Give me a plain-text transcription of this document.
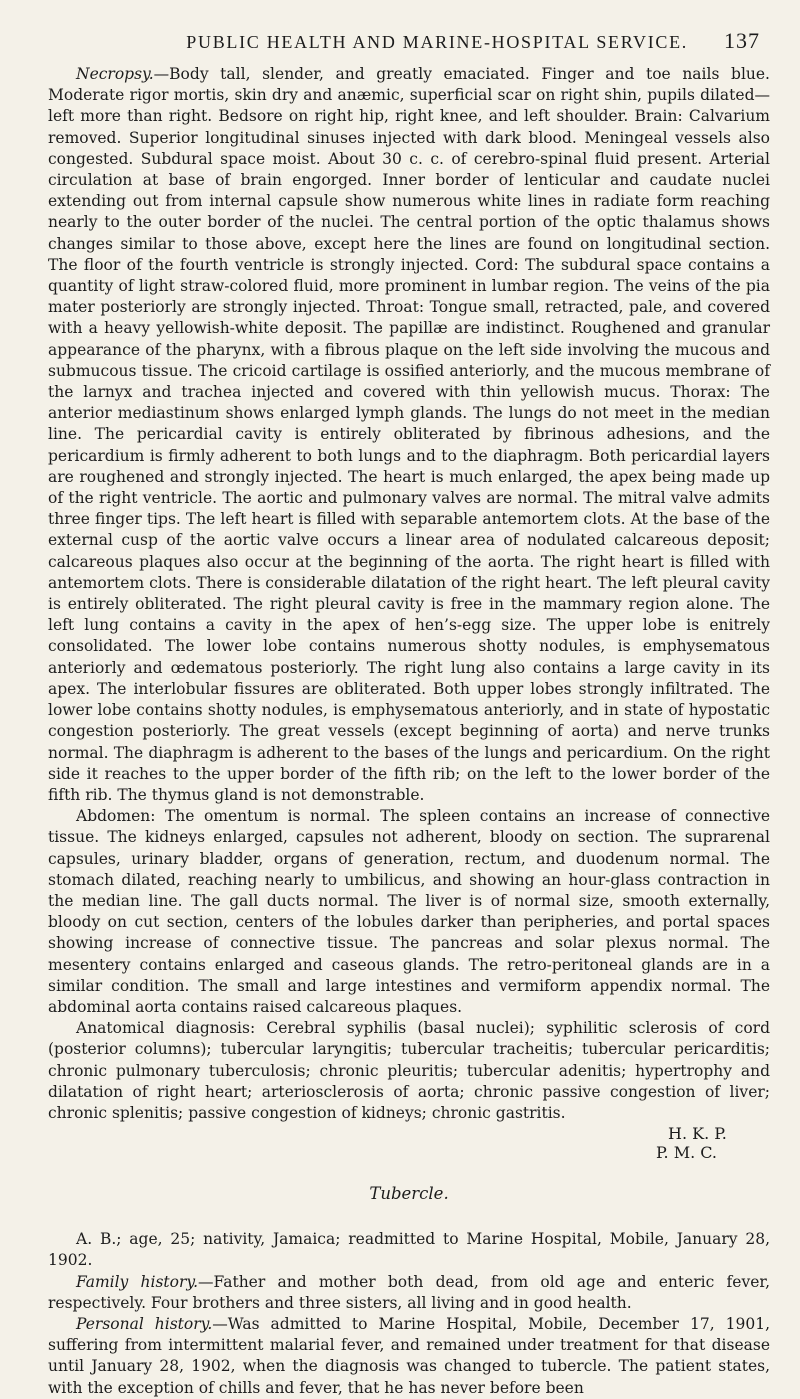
PUBLIC HEALTH AND MARINE-HOSPITAL SERVICE. 137

Necropsy.—Body tall, slender, and greatly emaciated. Finger and toe nails blue. Moderate rigor mortis, skin dry and anæmic, superficial scar on right shin, pupils dilated—left more than right. Bedsore on right hip, right knee, and left shoulder. Brain: Calvarium removed. Superior longitudinal sinuses injected with dark blood. Meningeal vessels also congested. Subdural space moist. About 30 c. c. of cerebro-spinal fluid present. Arterial circulation at base of brain engorged. Inner border of lenticular and caudate nuclei extending out from internal capsule show numerous white lines in radiate form reaching nearly to the outer border of the nuclei. The central portion of the optic thalamus shows changes similar to those above, except here the lines are found on longitudinal section. The floor of the fourth ventricle is strongly injected. Cord: The subdural space contains a quantity of light straw-colored fluid, more prominent in lumbar region. The veins of the pia mater posteriorly are strongly injected. Throat: Tongue small, retracted, pale, and covered with a heavy yellowish-white deposit. The papillæ are indistinct. Roughened and granular appearance of the pharynx, with a fibrous plaque on the left side involving the mucous and submucous tissue. The cricoid cartilage is ossified anteriorly, and the mucous membrane of the larnyx and trachea injected and covered with thin yellowish mucus. Thorax: The anterior mediastinum shows enlarged lymph glands. The lungs do not meet in the median line. The pericardial cavity is entirely obliterated by fibrinous adhesions, and the pericardium is firmly adherent to both lungs and to the diaphragm. Both pericardial layers are roughened and strongly injected. The heart is much enlarged, the apex being made up of the right ventricle. The aortic and pulmonary valves are normal. The mitral valve admits three finger tips. The left heart is filled with separable antemortem clots. At the base of the external cusp of the aortic valve occurs a linear area of nodulated calcareous deposit; calcareous plaques also occur at the beginning of the aorta. The right heart is filled with antemortem clots. There is considerable dilatation of the right heart. The left pleural cavity is entirely obliterated. The right pleural cavity is free in the mammary region alone. The left lung contains a cavity in the apex of hen’s-egg size. The upper lobe is enitrely consolidated. The lower lobe contains numerous shotty nodules, is emphysematous anteriorly and œdematous posteriorly. The right lung also contains a large cavity in its apex. The interlobular fissures are obliterated. Both upper lobes strongly infiltrated. The lower lobe contains shotty nodules, is emphysematous anteriorly, and in state of hypostatic congestion posteriorly. The great vessels (except beginning of aorta) and nerve trunks normal. The diaphragm is adherent to the bases of the lungs and pericardium. On the right side it reaches to the upper border of the fifth rib; on the left to the lower border of the fifth rib. The thymus gland is not demonstrable.

Abdomen: The omentum is normal. The spleen contains an increase of connective tissue. The kidneys enlarged, capsules not adherent, bloody on section. The suprarenal capsules, urinary bladder, organs of generation, rectum, and duodenum normal. The stomach dilated, reaching nearly to umbilicus, and showing an hour-glass contraction in the median line. The gall ducts normal. The liver is of normal size, smooth externally, bloody on cut section, centers of the lobules darker than peripheries, and portal spaces showing increase of connective tissue. The pancreas and solar plexus normal. The mesentery contains enlarged and caseous glands. The retro-peritoneal glands are in a similar condition. The small and large intestines and vermiform appendix normal. The abdominal aorta contains raised calcareous plaques.

Anatomical diagnosis: Cerebral syphilis (basal nuclei); syphilitic sclerosis of cord (posterior columns); tubercular laryngitis; tubercular tracheitis; tubercular pericarditis; chronic pulmonary tuberculosis; chronic pleuritis; tubercular adenitis; hypertrophy and dilatation of right heart; arteriosclerosis of aorta; chronic passive congestion of liver; chronic splenitis; passive congestion of kidneys; chronic gastritis.

H. K. P.
P. M. C.
Tubercle.

A. B.; age, 25; nativity, Jamaica; readmitted to Marine Hospital, Mobile, January 28, 1902.

Family history.—Father and mother both dead, from old age and enteric fever, respectively. Four brothers and three sisters, all living and in good health.

Personal history.—Was admitted to Marine Hospital, Mobile, December 17, 1901, suffering from intermittent malarial fever, and remained under treatment for that disease until January 28, 1902, when the diagnosis was changed to tubercle. The patient states, with the exception of chills and fever, that he has never before been
